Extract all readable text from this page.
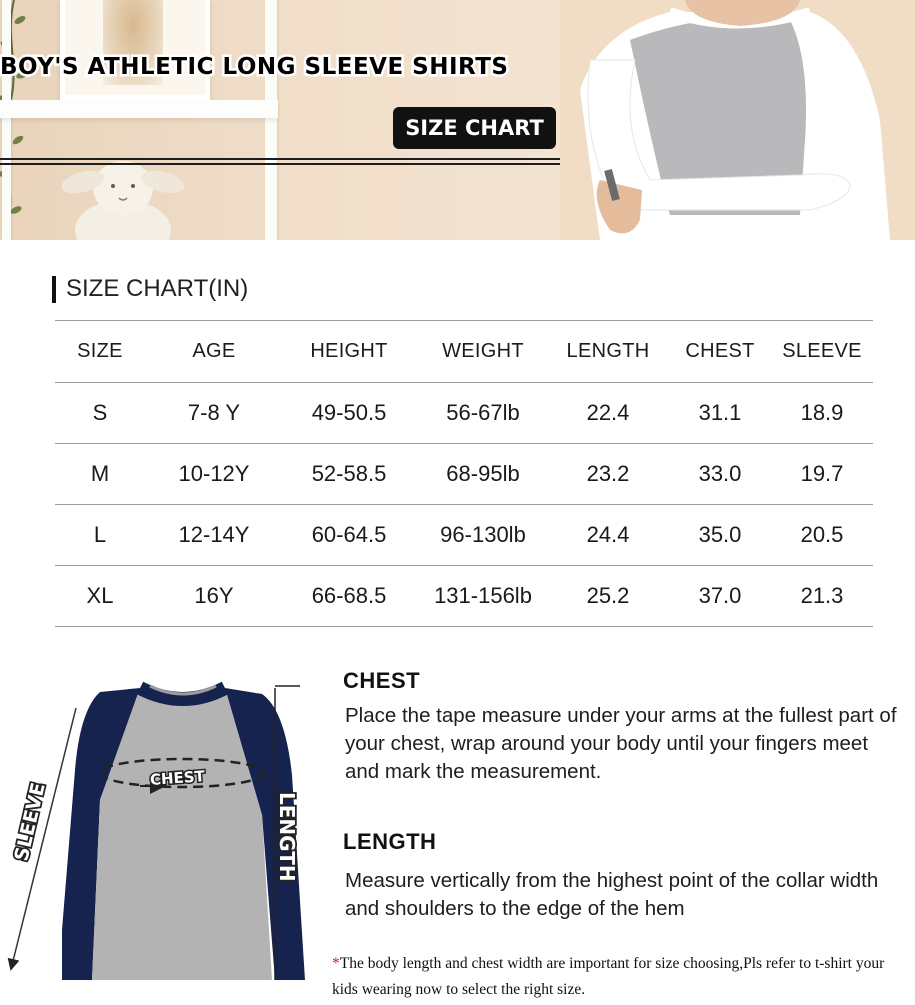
BOY'S ATHLETIC LONG SLEEVE SHIRTS
SIZE CHART
SIZE CHART(IN)
SIZE	AGE	HEIGHT	WEIGHT	LENGTH	CHEST	SLEEVE
S	7-8 Y	49-50.5	56-67lb	22.4	31.1	18.9
M	10-12Y	52-58.5	68-95lb	23.2	33.0	19.7
L	12-14Y	60-64.5	96-130lb	24.4	35.0	20.5
XL	16Y	66-68.5	131-156lb	25.2	37.0	21.3
CHEST
LENGTH
SLEEVE
CHEST
Place the tape measure under your arms at the fullest part of your chest, wrap around your body until your fingers meet and mark the measurement.
LENGTH
Measure vertically from the highest point of the collar width and shoulders to the edge of the hem
*The body length and chest width are important for size choosing,Pls refer to t-shirt your kids wearing now to select the right size.
